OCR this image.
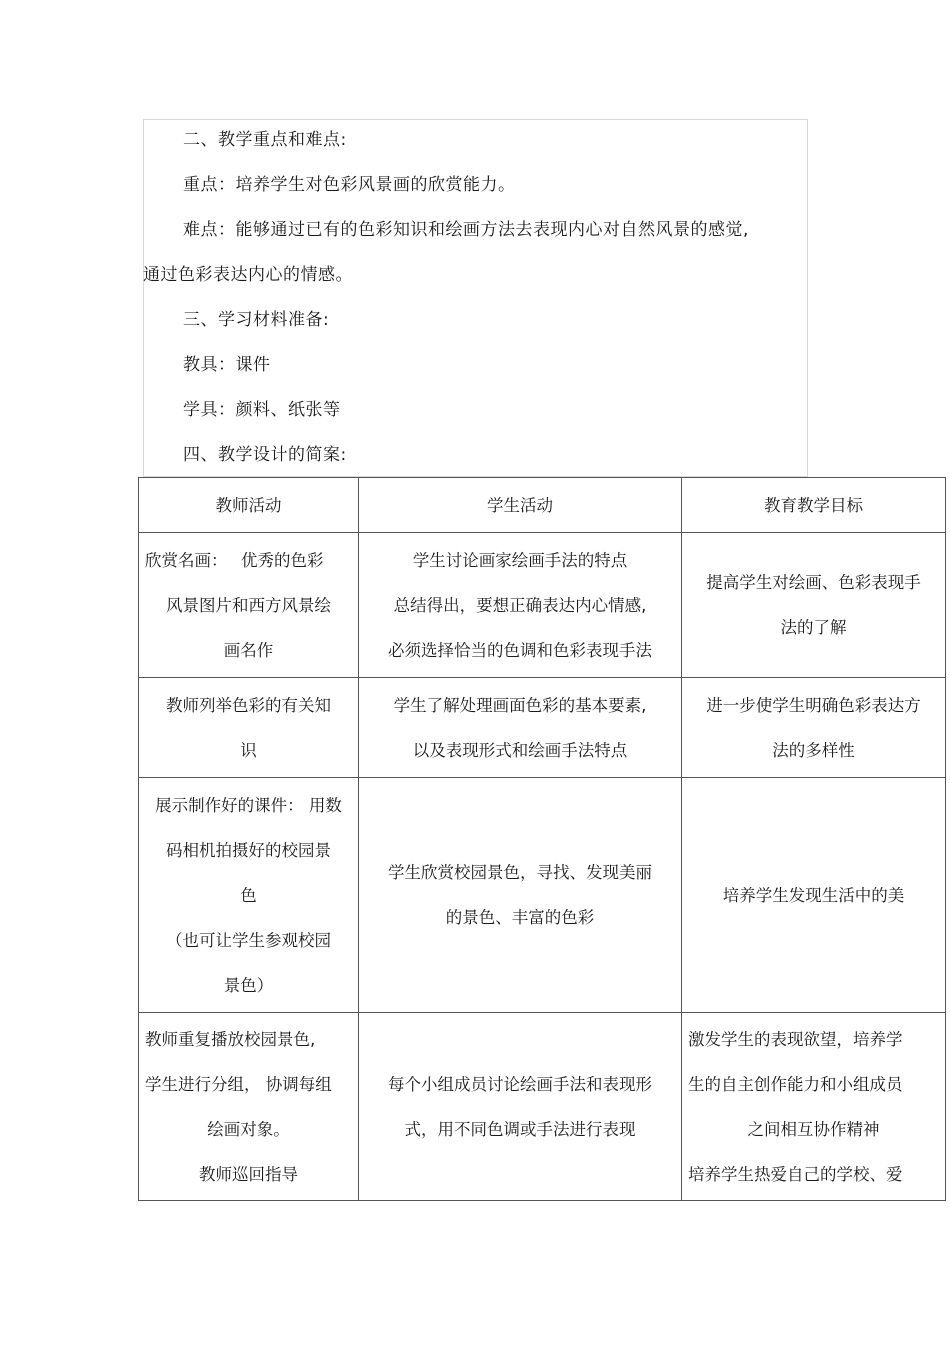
二、教学重点和难点:
重点：培养学生对色彩风景画的欣赏能力。
难点：能够通过已有的色彩知识和绘画方法去表现内心对自然风景的感觉,
通过色彩表达内心的情感。
三、学习材料准备:
教具：课件
学具：颜料、纸张等
四、教学设计的简案:
教师活动	学生活动	教育教学目标

欣赏名画：　 优秀的色彩
风景图片和西方风景绘
画名作	学生讨论画家绘画手法的特点
总结得出，要想正确表达内心情感,
必须选择恰当的色调和色彩表现手法	提高学生对绘画、色彩表现手
法的了解

教师列举色彩的有关知
识	学生了解处理画面色彩的基本要素,
以及表现形式和绘画手法特点	进一步使学生明确色彩表达方
法的多样性

展示制作好的课件： 用数
码相机拍摄好的校园景
色
（也可让学生参观校园
景色）	学生欣赏校园景色，寻找、发现美丽
的景色、丰富的色彩	培养学生发现生活中的美

教师重复播放校园景色,
学生进行分组， 协调每组
绘画对象。
教师巡回指导	每个小组成员讨论绘画手法和表现形
式，用不同色调或手法进行表现	激发学生的表现欲望，培养学
生的自主创作能力和小组成员
之间相互协作精神
培养学生热爱自己的学校、爱
